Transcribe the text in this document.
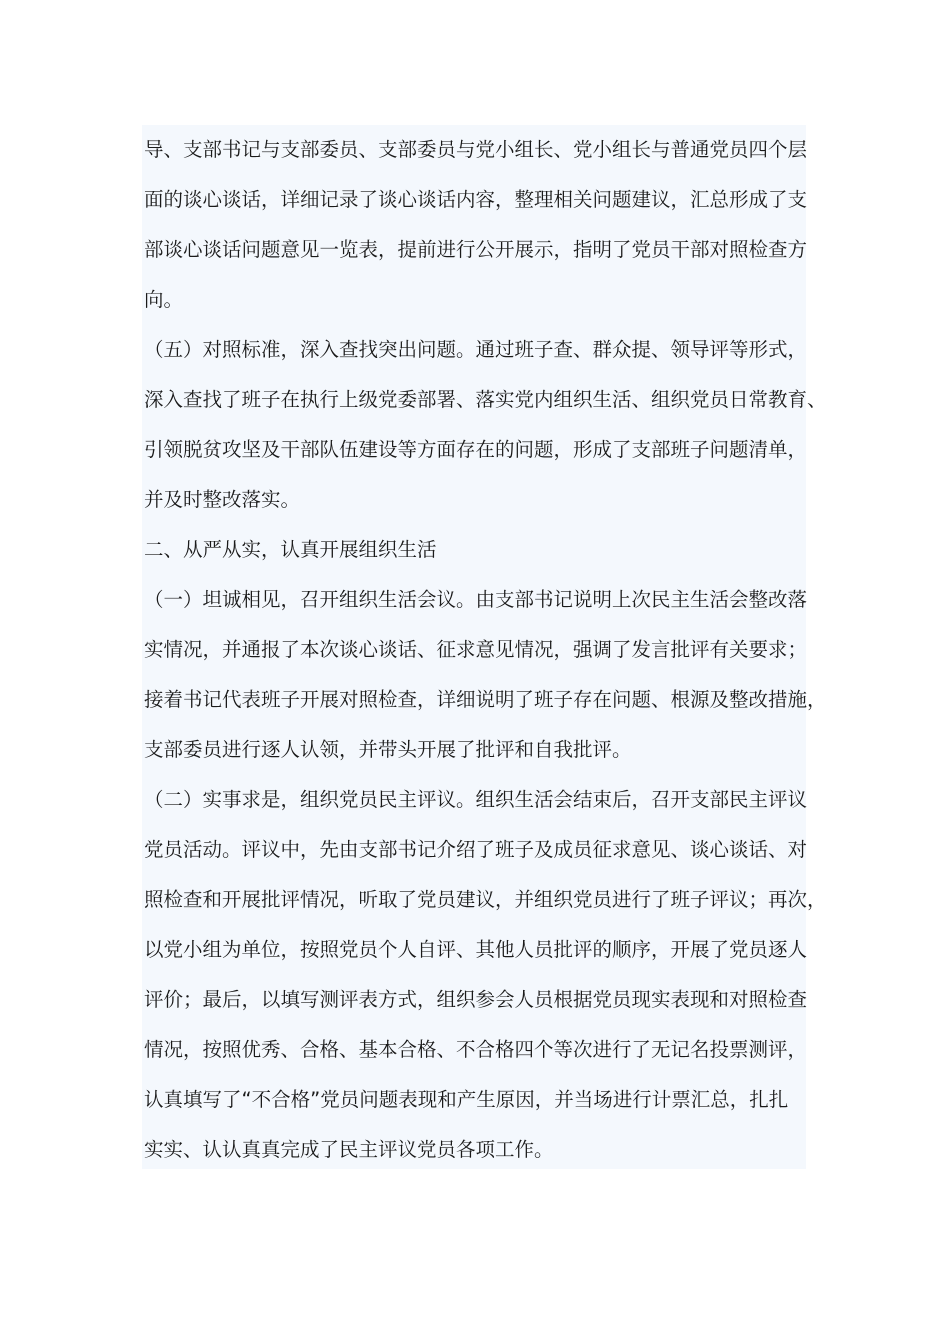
导、支部书记与支部委员、支部委员与党小组长、党小组长与普通党员四个层
面的谈心谈话，详细记录了谈心谈话内容，整理相关问题建议，汇总形成了支
部谈心谈话问题意见一览表，提前进行公开展示，指明了党员干部对照检查方
向。
（五）对照标准，深入查找突出问题。通过班子查、群众提、领导评等形式，
深入查找了班子在执行上级党委部署、落实党内组织生活、组织党员日常教育、
引领脱贫攻坚及干部队伍建设等方面存在的问题，形成了支部班子问题清单，
并及时整改落实。
二、从严从实，认真开展组织生活
（一）坦诚相见，召开组织生活会议。由支部书记说明上次民主生活会整改落
实情况，并通报了本次谈心谈话、征求意见情况，强调了发言批评有关要求；
接着书记代表班子开展对照检查，详细说明了班子存在问题、根源及整改措施，
支部委员进行逐人认领，并带头开展了批评和自我批评。
（二）实事求是，组织党员民主评议。组织生活会结束后，召开支部民主评议
党员活动。评议中，先由支部书记介绍了班子及成员征求意见、谈心谈话、对
照检查和开展批评情况，听取了党员建议，并组织党员进行了班子评议；再次，
以党小组为单位，按照党员个人自评、其他人员批评的顺序，开展了党员逐人
评价；最后，以填写测评表方式，组织参会人员根据党员现实表现和对照检查
情况，按照优秀、合格、基本合格、不合格四个等次进行了无记名投票测评，
认真填写了“不合格”党员问题表现和产生原因，并当场进行计票汇总，扎扎
实实、认认真真完成了民主评议党员各项工作。
